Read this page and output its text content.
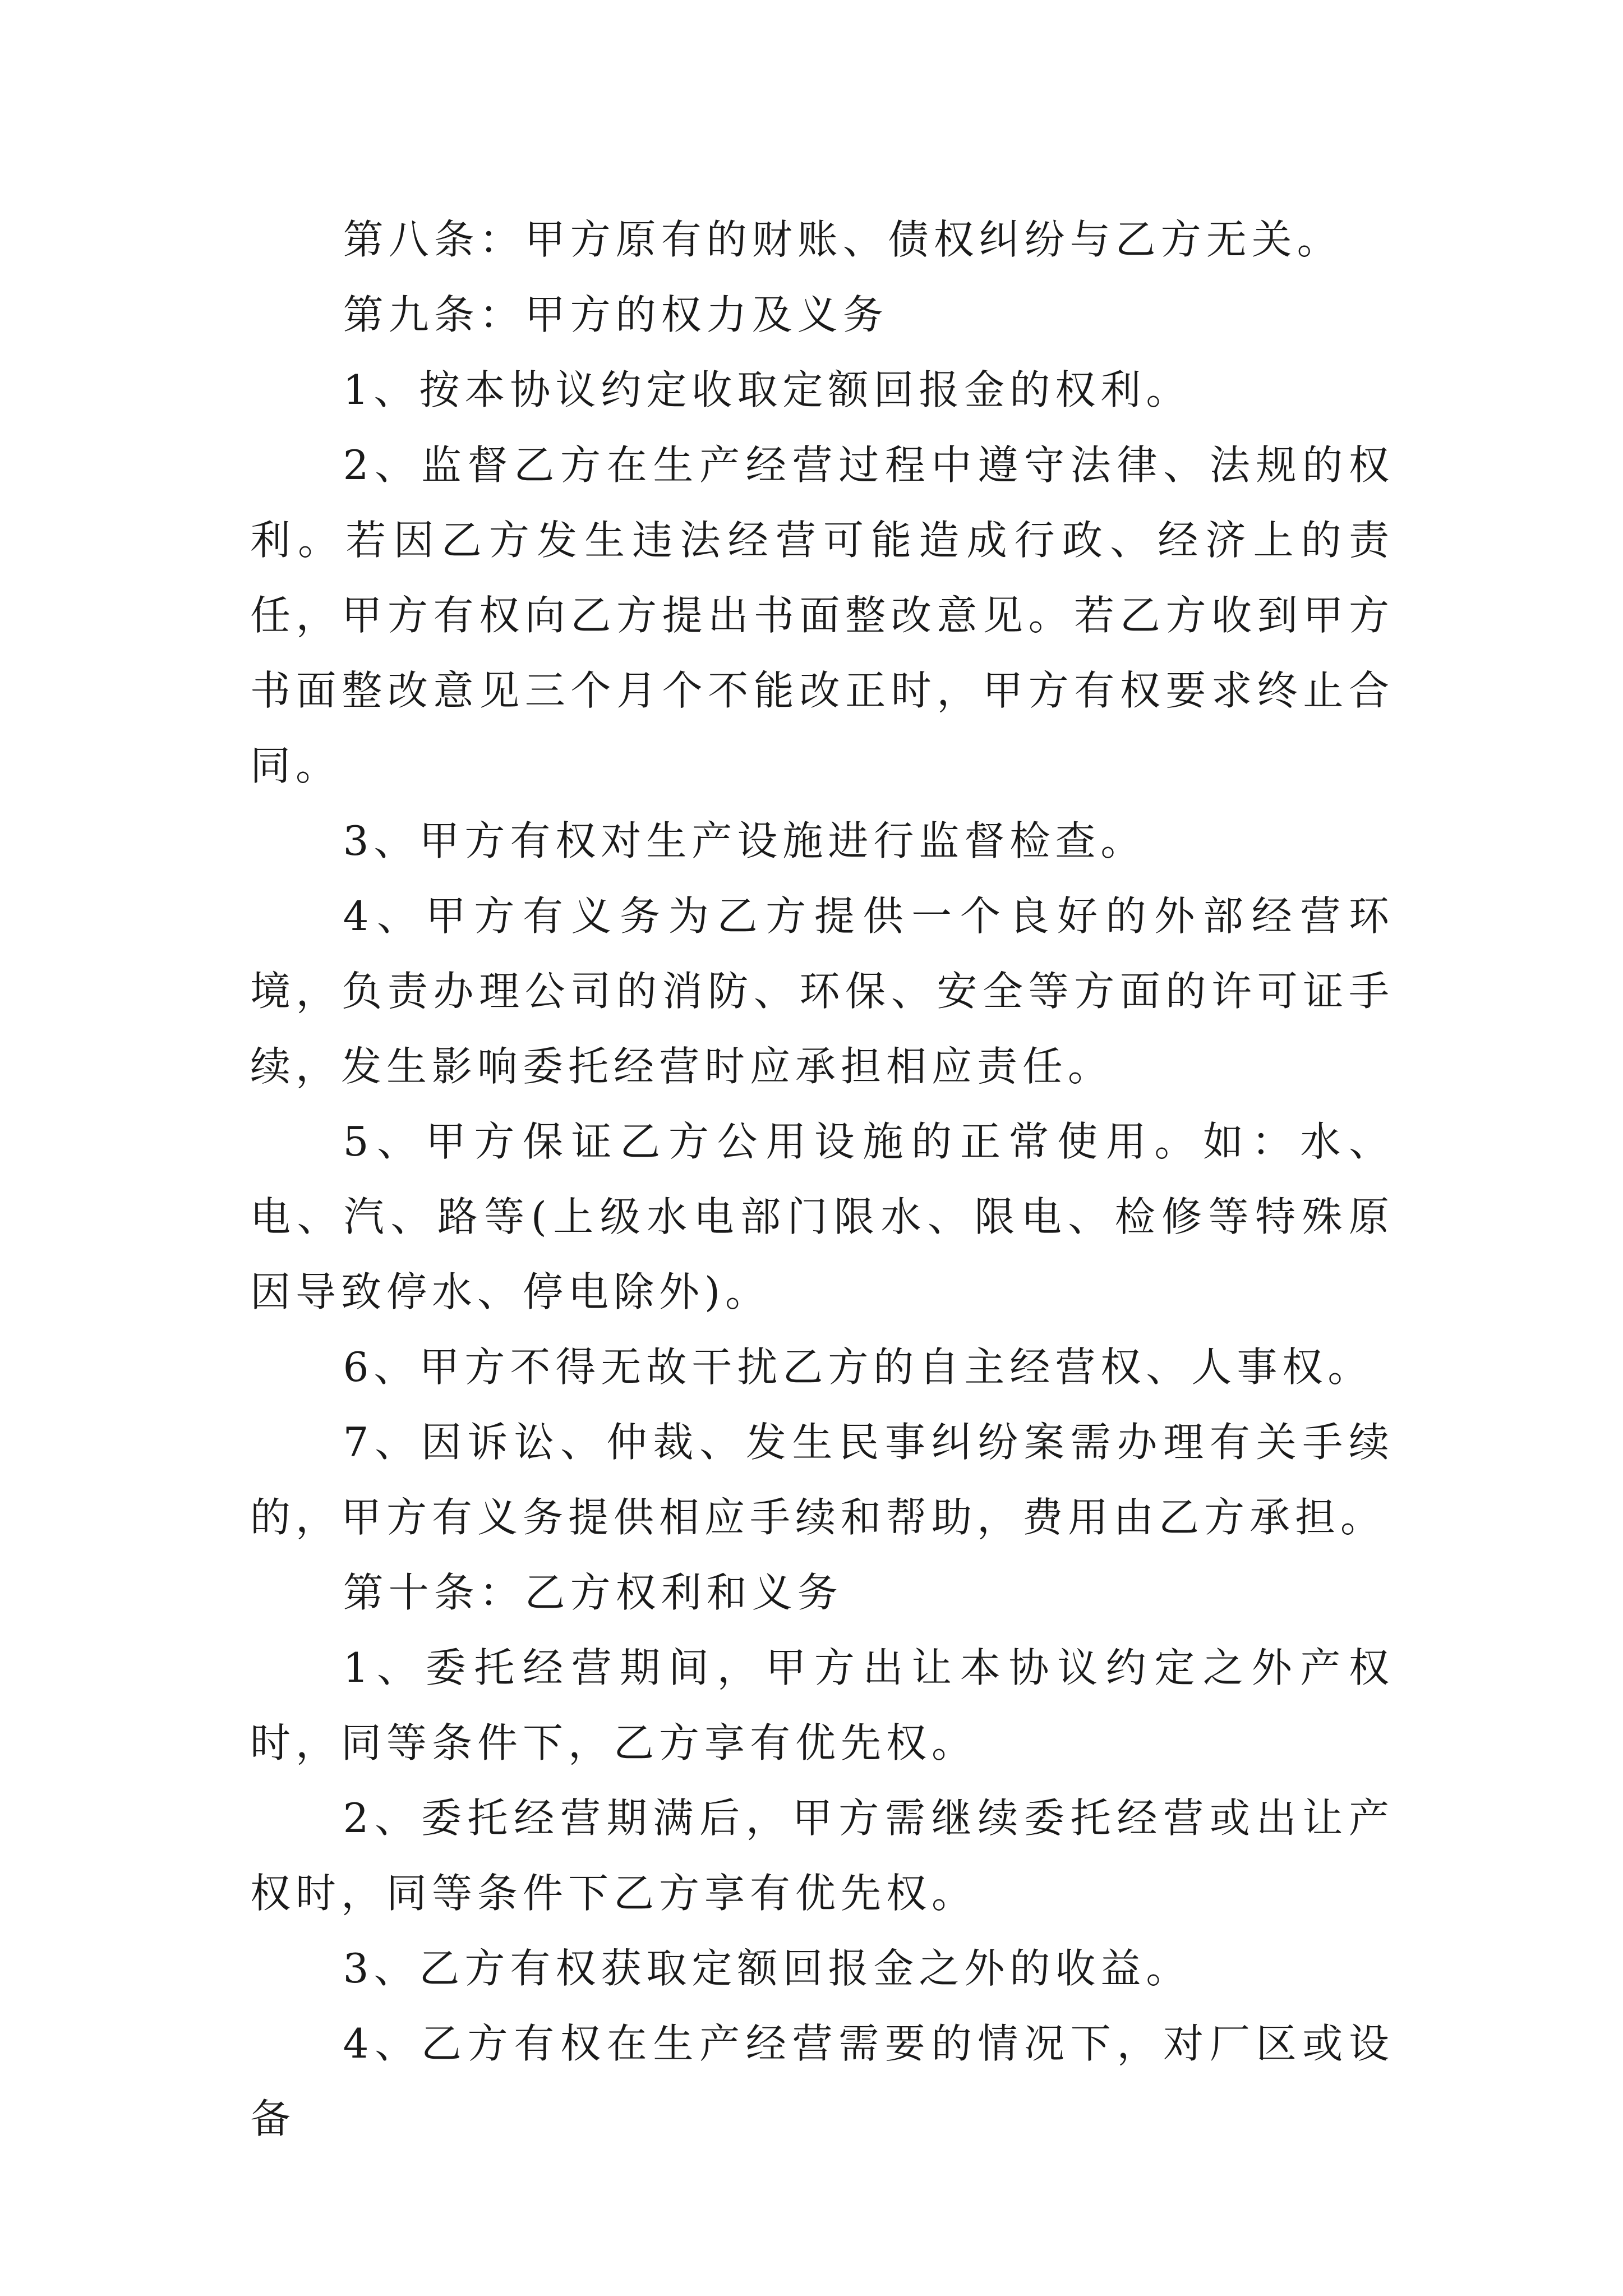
第八条：甲方原有的财账、债权纠纷与乙方无关。

第九条：甲方的权力及义务

1、按本协议约定收取定额回报金的权利。

2、监督乙方在生产经营过程中遵守法律、法规的权利。若因乙方发生违法经营可能造成行政、经济上的责任，甲方有权向乙方提出书面整改意见。若乙方收到甲方书面整改意见三个月个不能改正时，甲方有权要求终止合同。

3、甲方有权对生产设施进行监督检查。

4、甲方有义务为乙方提供一个良好的外部经营环境，负责办理公司的消防、环保、安全等方面的许可证手续，发生影响委托经营时应承担相应责任。

5、甲方保证乙方公用设施的正常使用。如：水、电、汽、路等(上级水电部门限水、限电、检修等特殊原因导致停水、停电除外)。

6、甲方不得无故干扰乙方的自主经营权、人事权。

7、因诉讼、仲裁、发生民事纠纷案需办理有关手续的，甲方有义务提供相应手续和帮助，费用由乙方承担。

第十条：乙方权利和义务

1、委托经营期间，甲方出让本协议约定之外产权时，同等条件下，乙方享有优先权。

2、委托经营期满后，甲方需继续委托经营或出让产权时，同等条件下乙方享有优先权。

3、乙方有权获取定额回报金之外的收益。

4、乙方有权在生产经营需要的情况下，对厂区或设备
